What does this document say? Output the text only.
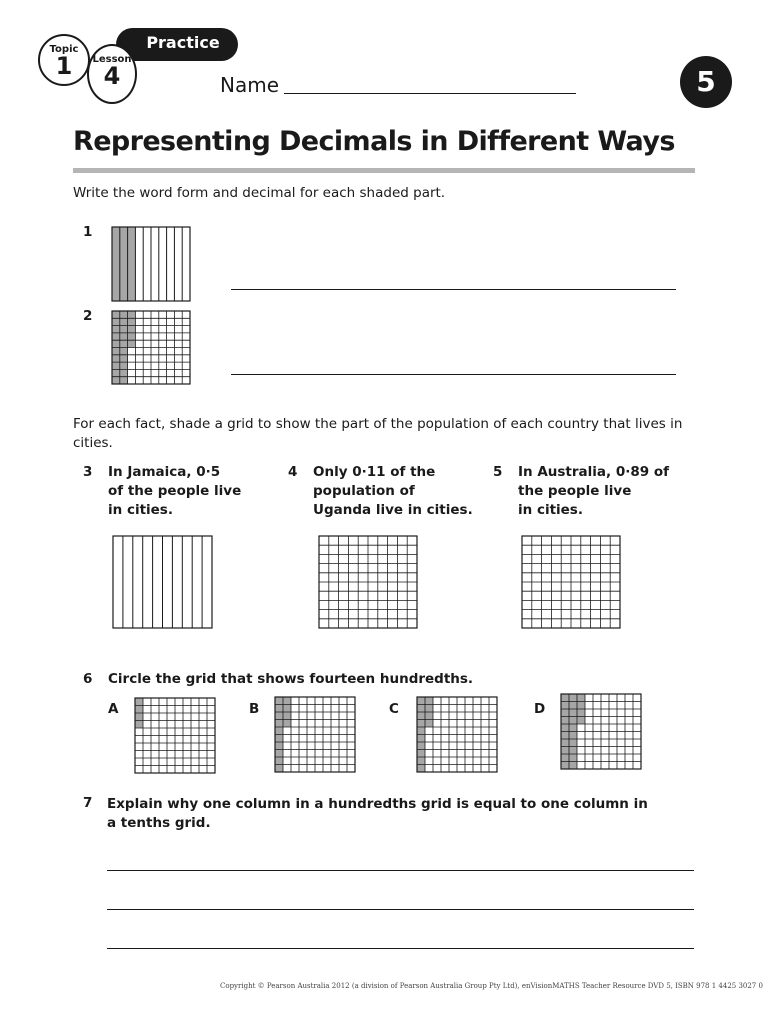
Topic
1
Practice
Lesson
4	Name	5
Representing Decimals in Different Ways
Write the word form and decimal for each shaded part.
1
2
For each fact, shade a grid to show the part of the population of each country that lives in cities.
3 In Jamaica, 0·5
of the people live
in cities.
4 Only 0·11 of the
population of
Uganda live in cities.
5 In Australia, 0·89 of
the people live
in cities.
6 Circle the grid that shows fourteen hundredths.
A	B	C	D
7 Explain why one column in a hundredths grid is equal to one column in
a tenths grid.
Copyright © Pearson Australia 2012 (a division of Pearson Australia Group Pty Ltd), enVisionMATHS Teacher Resource DVD 5, ISBN 978 1 4425 3027 0
